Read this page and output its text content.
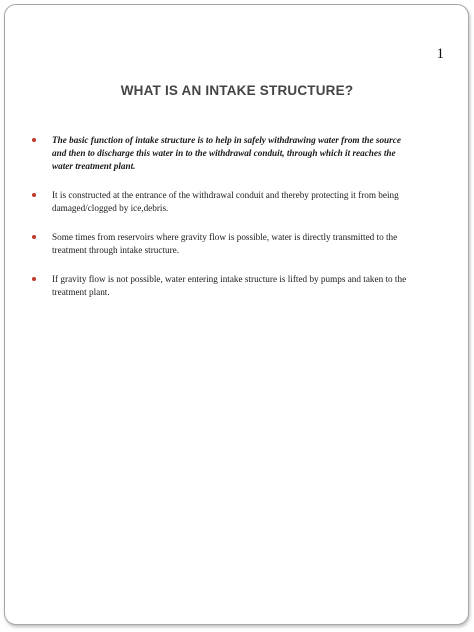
1
WHAT IS AN INTAKE STRUCTURE?
The basic function of intake structure is to help in safely withdrawing water from the source and then to discharge this water in to the withdrawal conduit, through which it reaches the water treatment plant.
It is constructed at the entrance of the withdrawal conduit and thereby protecting it from being damaged/clogged by ice,debris.
Some times from reservoirs where gravity flow is possible, water is directly transmitted to the treatment through intake structure.
If gravity flow is not possible, water entering intake structure is lifted by pumps and taken to the treatment plant.
